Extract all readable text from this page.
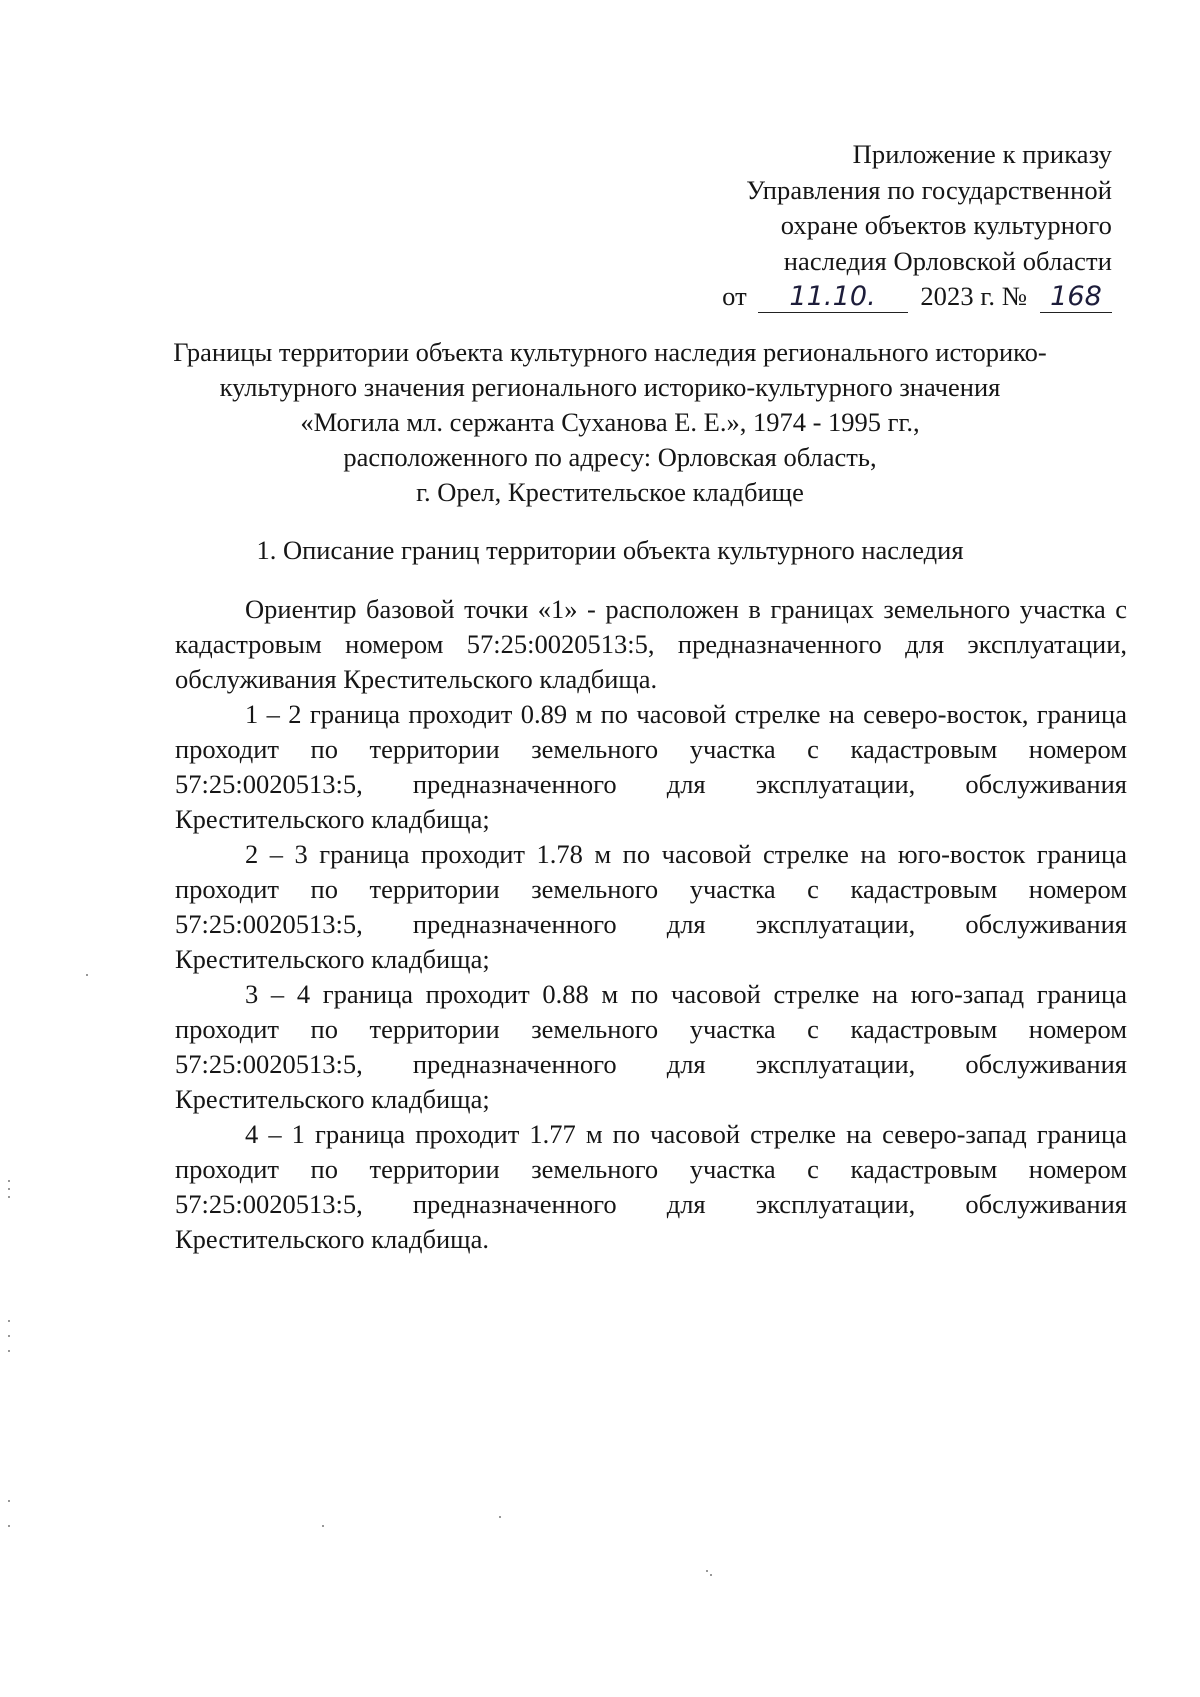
Приложение к приказу
Управления по государственной
охране объектов культурного
наследия Орловской области
от 11.10. 2023 г. № 168
Границы территории объекта культурного наследия регионального историко-
культурного значения регионального историко-культурного значения
«Могила мл. сержанта Суханова Е. Е.», 1974 - 1995 гг.,
расположенного по адресу: Орловская область,
г. Орел, Крестительское кладбище
1. Описание границ территории объекта культурного наследия

Ориентир базовой точки «1» - расположен в границах земельного участка с кадастровым номером 57:25:0020513:5, предназначенного для эксплуатации, обслуживания Крестительского кладбища.

1 – 2 граница проходит 0.89 м по часовой стрелке на северо-восток, граница проходит по территории земельного участка с кадастровым номером 57:25:0020513:5, предназначенного для эксплуатации, обслуживания Крестительского кладбища;

2 – 3 граница проходит 1.78 м по часовой стрелке на юго-восток граница проходит по территории земельного участка с кадастровым номером 57:25:0020513:5, предназначенного для эксплуатации, обслуживания Крестительского кладбища;

3 – 4 граница проходит 0.88 м по часовой стрелке на юго-запад граница проходит по территории земельного участка с кадастровым номером 57:25:0020513:5, предназначенного для эксплуатации, обслуживания Крестительского кладбища;

4 – 1 граница проходит 1.77 м по часовой стрелке на северо-запад граница проходит по территории земельного участка с кадастровым номером 57:25:0020513:5, предназначенного для эксплуатации, обслуживания Крестительского кладбища.
